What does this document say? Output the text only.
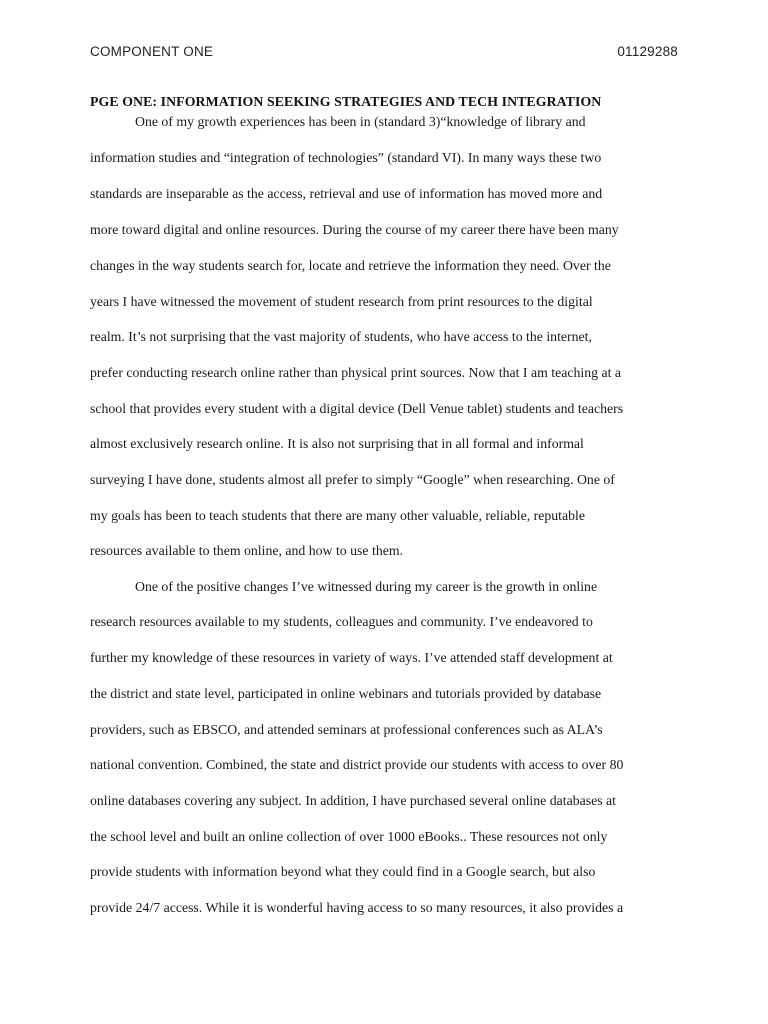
COMPONENT ONE	01129288
PGE ONE: INFORMATION SEEKING STRATEGIES AND TECH INTEGRATION
One of my growth experiences has been in (standard 3)“knowledge of library and
information studies and “integration of technologies” (standard VI). In many ways these two
standards are inseparable as the access, retrieval and use of information has moved more and
more toward digital and online resources. During the course of my career there have been many
changes in the way students search for, locate and retrieve the information they need. Over the
years I have witnessed the movement of student research from print resources to the digital
realm. It’s not surprising that the vast majority of students, who have access to the internet,
prefer conducting research online rather than physical print sources. Now that I am teaching at a
school that provides every student with a digital device (Dell Venue tablet) students and teachers
almost exclusively research online. It is also not surprising that in all formal and informal
surveying I have done, students almost all prefer to simply “Google” when researching. One of
my goals has been to teach students that there are many other valuable, reliable, reputable
resources available to them online, and how to use them.
One of the positive changes I’ve witnessed during my career is the growth in online
research resources available to my students, colleagues and community. I’ve endeavored to
further my knowledge of these resources in variety of ways. I’ve attended staff development at
the district and state level, participated in online webinars and tutorials provided by database
providers, such as EBSCO, and attended seminars at professional conferences such as ALA’s
national convention. Combined, the state and district provide our students with access to over 80
online databases covering any subject. In addition, I have purchased several online databases at
the school level and built an online collection of over 1000 eBooks.. These resources not only
provide students with information beyond what they could find in a Google search, but also
provide 24/7 access. While it is wonderful having access to so many resources, it also provides a
